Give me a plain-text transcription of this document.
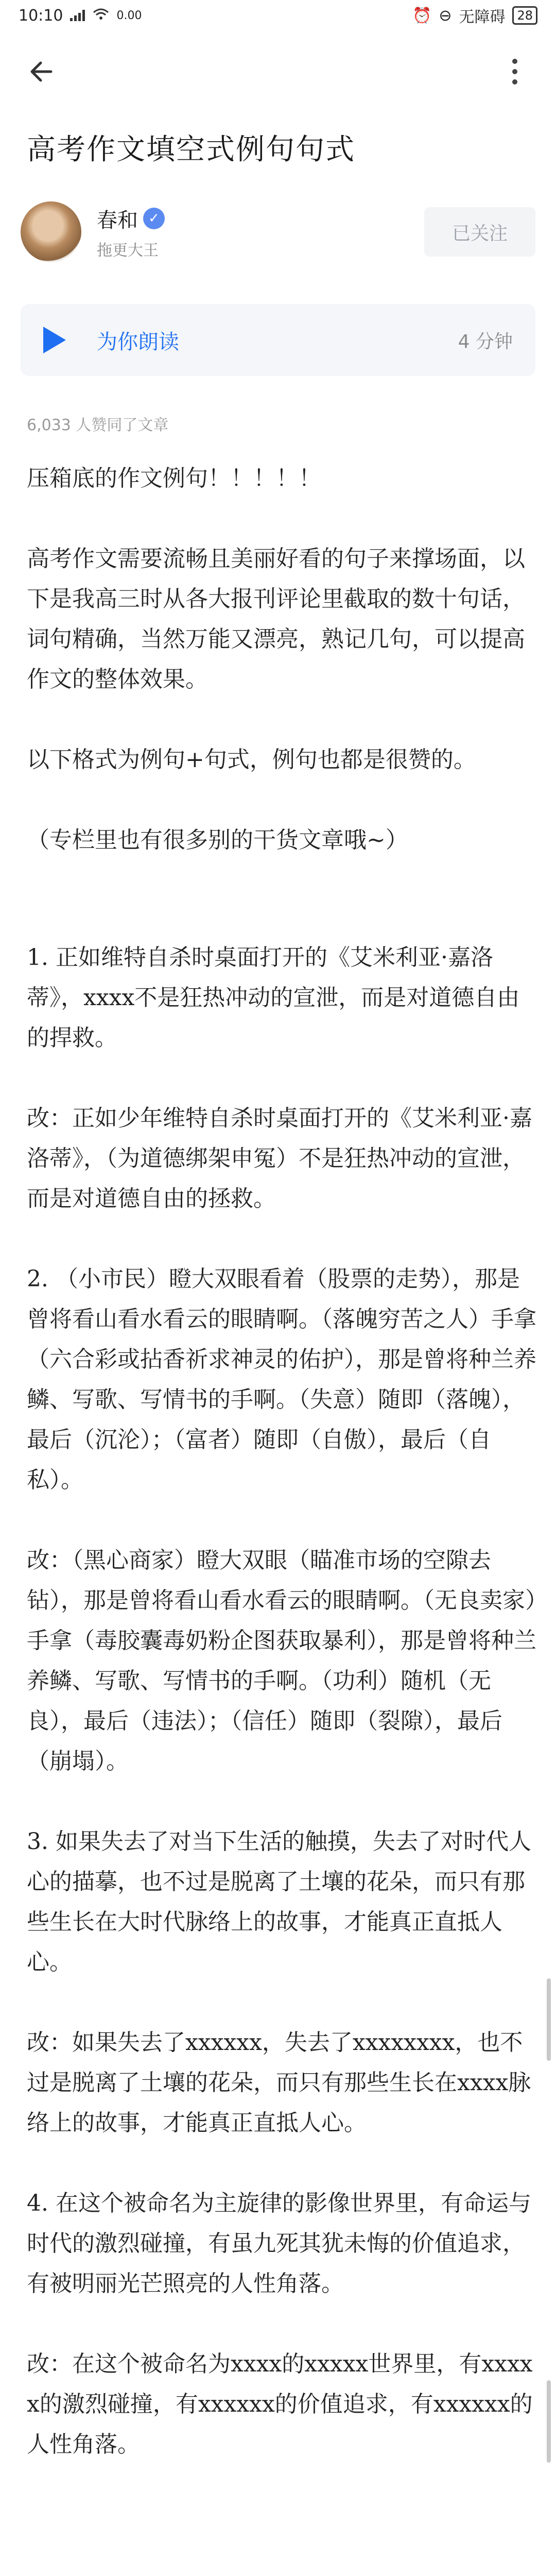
10:10	0.00	⏰ ⊖ 无障碍 28
高考作文填空式例句句式
春和 ✓
拖更大王
已关注
为你朗读	4 分钟
6,033 人赞同了文章

压箱底的作文例句！！！！！

高考作文需要流畅且美丽好看的句子来撑场面，以下是我高三时从各大报刊评论里截取的数十句话，词句精确，当然万能又漂亮，熟记几句，可以提高作文的整体效果。

以下格式为例句+句式，例句也都是很赞的。

（专栏里也有很多别的干货文章哦~）

1. 正如维特自杀时桌面打开的《艾米利亚·嘉洛蒂》，xxxx不是狂热冲动的宣泄，而是对道德自由的捍救。

改：正如少年维特自杀时桌面打开的《艾米利亚·嘉洛蒂》，（为道德绑架申冤）不是狂热冲动的宣泄，而是对道德自由的拯救。

2. （小市民）瞪大双眼看着（股票的走势），那是曾将看山看水看云的眼睛啊。（落魄穷苦之人）手拿（六合彩或拈香祈求神灵的佑护），那是曾将种兰养鳞、写歌、写情书的手啊。（失意）随即（落魄），最后（沉沦）；（富者）随即（自傲），最后（自私）。

改：（黑心商家）瞪大双眼（瞄准市场的空隙去钻），那是曾将看山看水看云的眼睛啊。（无良卖家）手拿（毒胶囊毒奶粉企图获取暴利），那是曾将种兰养鳞、写歌、写情书的手啊。（功利）随机（无良），最后（违法）；（信任）随即（裂隙），最后（崩塌）。

3. 如果失去了对当下生活的触摸，失去了对时代人心的描摹，也不过是脱离了土壤的花朵，而只有那些生长在大时代脉络上的故事，才能真正直抵人心。

改：如果失去了xxxxxx，失去了xxxxxxxx，也不过是脱离了土壤的花朵，而只有那些生长在xxxx脉络上的故事，才能真正直抵人心。

4. 在这个被命名为主旋律的影像世界里，有命运与时代的激烈碰撞，有虽九死其犹未悔的价值追求，有被明丽光芒照亮的人性角落。

改：在这个被命名为xxxx的xxxxx世界里，有xxxxx的激烈碰撞，有xxxxxx的价值追求，有xxxxxx的人性角落。
